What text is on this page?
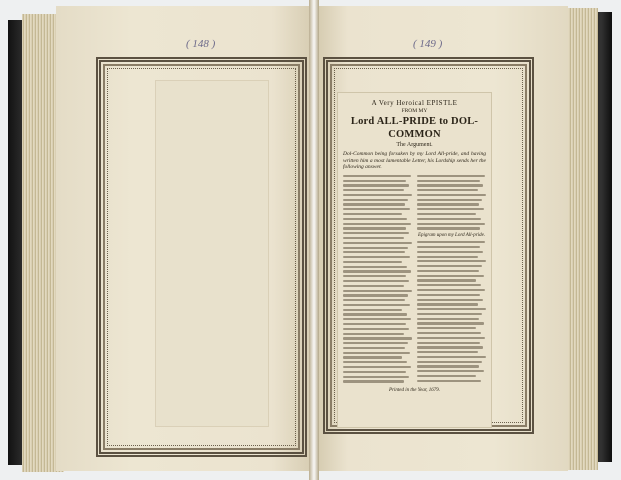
( 148 )	( 149 )
A Very Heroical EPISTLE
FROM MY
Lord ALL-PRIDE to DOL-COMMON
The Argument.
Dol-Common being forsaken by my Lord All-pride, and having written him a most lamentable Letter, his Lordship sends her the following answer.
Epigram upon my Lord All-pride.
Printed in the Year, 1679.
